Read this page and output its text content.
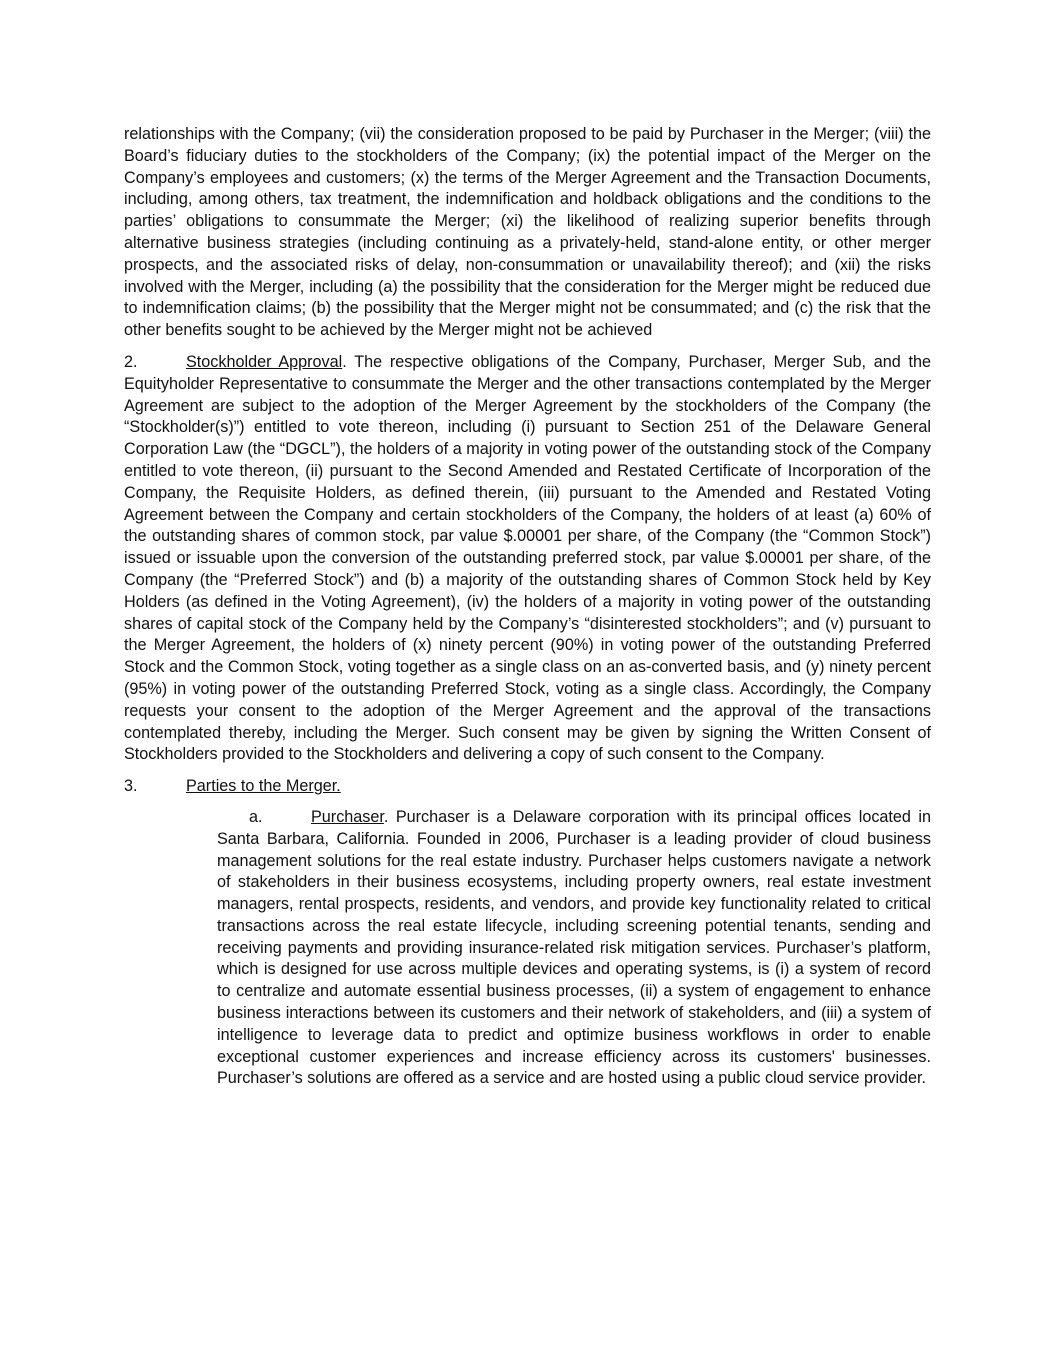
relationships with the Company; (vii) the consideration proposed to be paid by Purchaser in the Merger; (viii) the Board’s fiduciary duties to the stockholders of the Company; (ix) the potential impact of the Merger on the Company’s employees and customers; (x) the terms of the Merger Agreement and the Transaction Documents, including, among others, tax treatment, the indemnification and holdback obligations and the conditions to the parties’ obligations to consummate the Merger; (xi) the likelihood of realizing superior benefits through alternative business strategies (including continuing as a privately-held, stand-alone entity, or other merger prospects, and the associated risks of delay, non-consummation or unavailability thereof); and (xii) the risks involved with the Merger, including (a) the possibility that the consideration for the Merger might be reduced due to indemnification claims; (b) the possibility that the Merger might not be consummated; and (c) the risk that the other benefits sought to be achieved by the Merger might not be achieved

2.	Stockholder Approval. The respective obligations of the Company, Purchaser, Merger Sub, and the Equityholder Representative to consummate the Merger and the other transactions contemplated by the Merger Agreement are subject to the adoption of the Merger Agreement by the stockholders of the Company (the “Stockholder(s)”) entitled to vote thereon, including (i) pursuant to Section 251 of the Delaware General Corporation Law (the “DGCL”), the holders of a majority in voting power of the outstanding stock of the Company entitled to vote thereon, (ii) pursuant to the Second Amended and Restated Certificate of Incorporation of the Company, the Requisite Holders, as defined therein, (iii) pursuant to the Amended and Restated Voting Agreement between the Company and certain stockholders of the Company, the holders of at least (a) 60% of the outstanding shares of common stock, par value $.00001 per share, of the Company (the “Common Stock”) issued or issuable upon the conversion of the outstanding preferred stock, par value $.00001 per share, of the Company (the “Preferred Stock”) and (b) a majority of the outstanding shares of Common Stock held by Key Holders (as defined in the Voting Agreement), (iv) the holders of a majority in voting power of the outstanding shares of capital stock of the Company held by the Company’s “disinterested stockholders”; and (v) pursuant to the Merger Agreement, the holders of (x) ninety percent (90%) in voting power of the outstanding Preferred Stock and the Common Stock, voting together as a single class on an as-converted basis, and (y) ninety percent (95%) in voting power of the outstanding Preferred Stock, voting as a single class. Accordingly, the Company requests your consent to the adoption of the Merger Agreement and the approval of the transactions contemplated thereby, including the Merger. Such consent may be given by signing the Written Consent of Stockholders provided to the Stockholders and delivering a copy of such consent to the Company.

3.	Parties to the Merger.

a.	Purchaser. Purchaser is a Delaware corporation with its principal offices located in Santa Barbara, California. Founded in 2006, Purchaser is a leading provider of cloud business management solutions for the real estate industry. Purchaser helps customers navigate a network of stakeholders in their business ecosystems, including property owners, real estate investment managers, rental prospects, residents, and vendors, and provide key functionality related to critical transactions across the real estate lifecycle, including screening potential tenants, sending and receiving payments and providing insurance-related risk mitigation services. Purchaser’s platform, which is designed for use across multiple devices and operating systems, is (i) a system of record to centralize and automate essential business processes, (ii) a system of engagement to enhance business interactions between its customers and their network of stakeholders, and (iii) a system of intelligence to leverage data to predict and optimize business workflows in order to enable exceptional customer experiences and increase efficiency across its customers' businesses. Purchaser’s solutions are offered as a service and are hosted using a public cloud service provider.
